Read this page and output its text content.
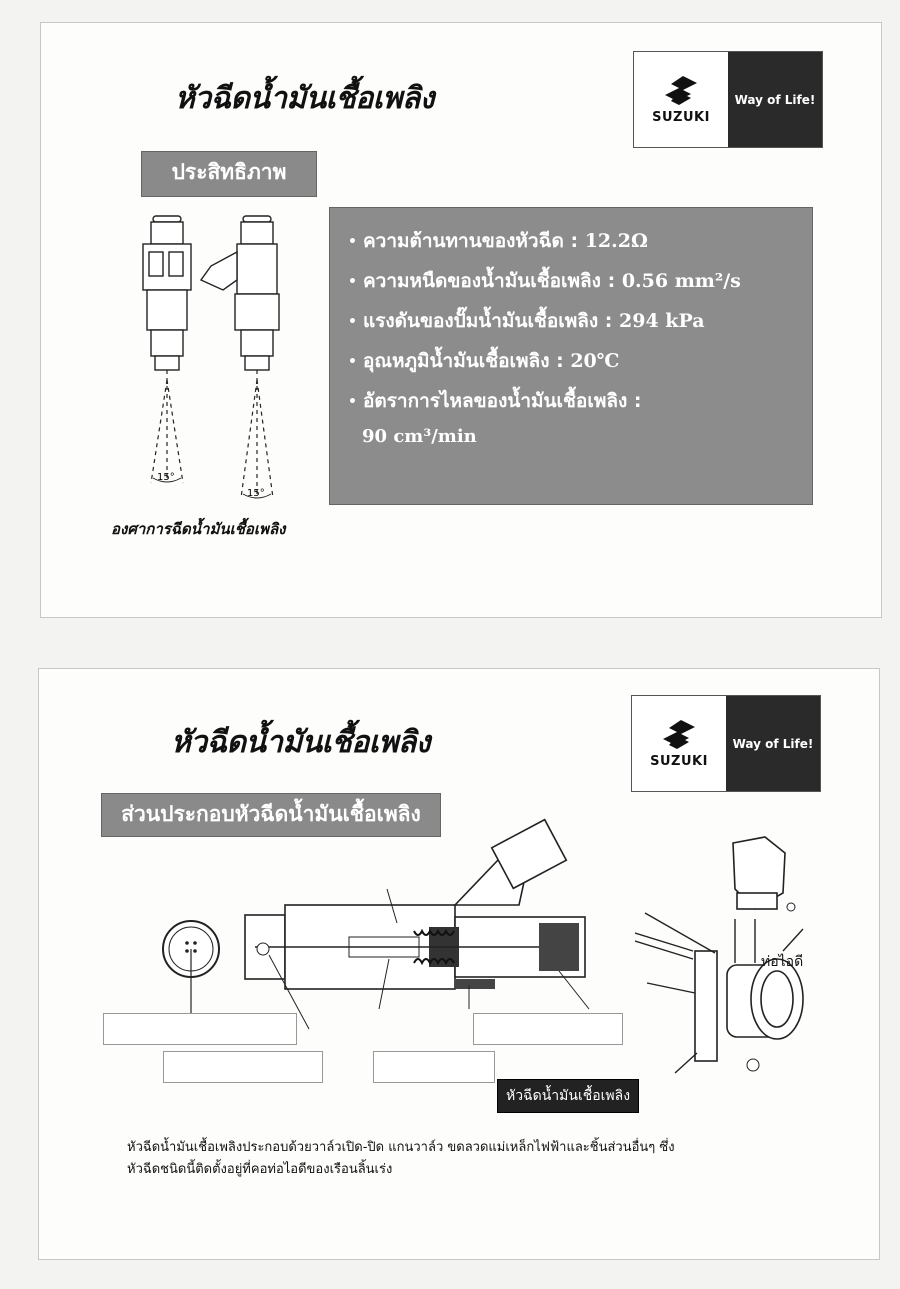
หัวฉีดน้ำมันเชื้อเพลิง
SUZUKI
Way of Life!
ประสิทธิภาพ
15°
15°
• ความต้านทานของหัวฉีด : 12.2Ω
• ความหนืดของน้ำมันเชื้อเพลิง : 0.56 mm²/s
• แรงดันของปั๊มน้ำมันเชื้อเพลิง : 294 kPa
• อุณหภูมิน้ำมันเชื้อเพลิง : 20℃
• อัตราการไหลของน้ำมันเชื้อเพลิง :
90 cm³/min
องศาการฉีดน้ำมันเชื้อเพลิง
หัวฉีดน้ำมันเชื้อเพลิง
SUZUKI
Way of Life!
ส่วนประกอบหัวฉีดน้ำมันเชื้อเพลิง
ท่อไอดี
หัวฉีดน้ำมันเชื้อเพลิง
หัวฉีดน้ำมันเชื้อเพลิงประกอบด้วยวาล์วเปิด-ปิด แกนวาล์ว ขดลวดแม่เหล็กไฟฟ้าและชิ้นส่วนอื่นๆ ซึ่ง
หัวฉีดชนิดนี้ติดตั้งอยู่ที่คอท่อไอดีของเรือนลิ้นเร่ง
